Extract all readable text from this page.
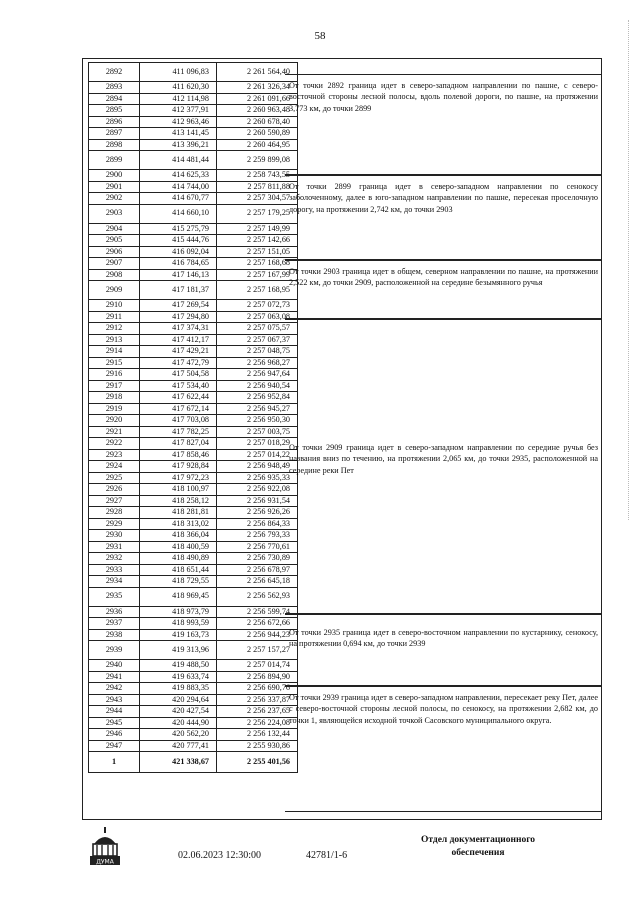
58
2892	411 096,83	2 261 564,40
2893	411 620,30	2 261 326,34
2894	412 114,98	2 261 091,66
2895	412 377,91	2 260 963,48
2896	412 963,46	2 260 678,40
2897	413 141,45	2 260 590,89
2898	413 396,21	2 260 464,95
2899	414 481,44	2 259 899,08
2900	414 625,33	2 258 743,55
2901	414 744,00	2 257 811,88
2902	414 670,77	2 257 304,57
2903	414 660,10	2 257 179,25
2904	415 275,79	2 257 149,99
2905	415 444,76	2 257 142,66
2906	416 092,04	2 257 151,05
2907	416 784,65	2 257 168,68
2908	417 146,13	2 257 167,99
2909	417 181,37	2 257 168,95
2910	417 269,54	2 257 072,73
2911	417 294,80	2 257 063,08
2912	417 374,31	2 257 075,57
2913	417 412,17	2 257 067,37
2914	417 429,21	2 257 048,75
2915	417 472,79	2 256 968,27
2916	417 504,58	2 256 947,64
2917	417 534,40	2 256 940,54
2918	417 622,44	2 256 952,84
2919	417 672,14	2 256 945,27
2920	417 703,08	2 256 950,30
2921	417 782,25	2 257 003,75
2922	417 827,04	2 257 018,29
2923	417 858,46	2 257 014,22
2924	417 928,84	2 256 948,49
2925	417 972,23	2 256 935,33
2926	418 100,97	2 256 922,08
2927	418 258,12	2 256 931,54
2928	418 281,81	2 256 926,26
2929	418 313,02	2 256 864,33
2930	418 366,04	2 256 793,33
2931	418 400,59	2 256 770,61
2932	418 490,89	2 256 730,89
2933	418 651,44	2 256 678,97
2934	418 729,55	2 256 645,18
2935	418 969,45	2 256 562,93
2936	418 973,79	2 256 599,74
2937	418 993,59	2 256 672,66
2938	419 163,73	2 256 944,23
2939	419 313,96	2 257 157,27
2940	419 488,50	2 257 014,74
2941	419 633,74	2 256 894,90
2942	419 883,35	2 256 690,76
2943	420 294,64	2 256 337,87
2944	420 427,54	2 256 237,65
2945	420 444,90	2 256 224,08
2946	420 562,20	2 256 132,44
2947	420 777,41	2 255 930,86
1	421 338,67	2 255 401,56
От точки 2892 граница идет в северо-западном направлении по пашне, с северо-восточной стороны лесной полосы, вдоль полевой дороги, по пашне, на протяжении 3,773 км, до точки 2899
От точки 2899 граница идет в северо-западном направлении по сенокосу заболоченному, далее в юго-западном направлении по пашне, пересекая проселочную дорогу, на протяжении 2,742 км, до точки 2903
От точки 2903 граница идет в общем, северном направлении по пашне, на протяжении 2,522 км, до точки 2909, расположенной на середине безымянного ручья
От точки 2909 граница идет в северо-западном направлении по середине ручья без названия вниз по течению, на протяжении 2,065 км, до точки 2935, расположенной на середине реки Пет
От точки 2935 граница идет в северо-восточном направлении по кустарнику, сенокосу, на протяжении 0,694 км, до точки 2939
От точки 2939 граница идет в северо-западном направлении, пересекает реку Пет, далее с северо-восточной стороны лесной полосы, по сенокосу, на протяжении 2,682 км, до точки 1, являющейся исходной точкой Сасовского муниципального округа.
ДУМА
02.06.2023 12:30:00	42781/1-6
Отдел документационного
обеспечения
